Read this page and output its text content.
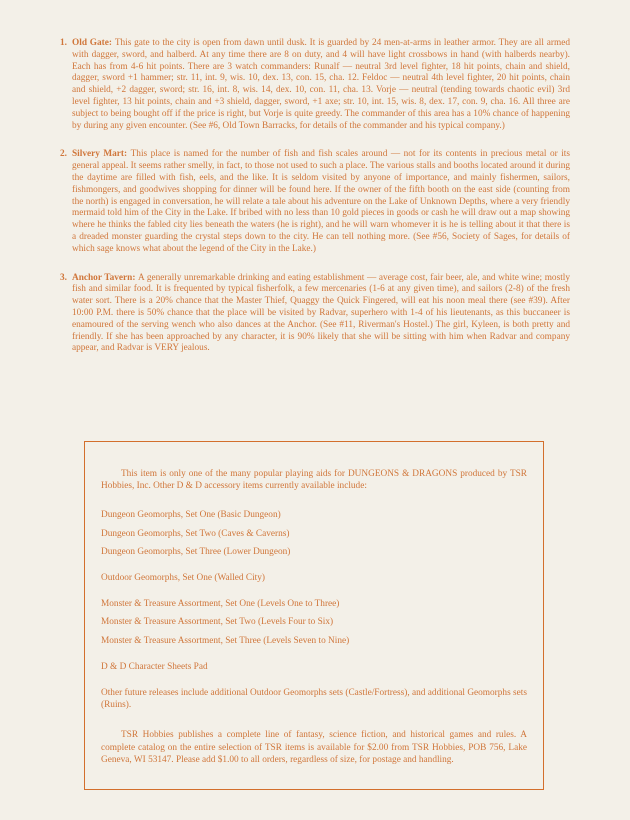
1. Old Gate : This gate to the city is open from dawn until dusk. It is guarded by 24 men-at-arms in leather armor. They are all armed with dagger, sword, and halberd. At any time there are 8 on duty, and 4 will have light crossbows in hand (with halberds nearby). Each has from 4-6 hit points. There are 3 watch commanders: Runalf — neutral 3rd level fighter, 18 hit points, chain and shield, dagger, sword +1 hammer; str. 11, int. 9, wis. 10, dex. 13, con. 15, cha. 12. Feldoc — neutral 4th level fighter, 20 hit points, chain and shield, +2 dagger, sword; str. 16, int. 8, wis. 14, dex. 10, con. 11, cha. 13. Vorje — neutral (tending towards chaotic evil) 3rd level fighter, 13 hit points, chain and +3 shield, dagger, sword, +1 axe; str. 10, int. 15, wis. 8, dex. 17, con. 9, cha. 16. All three are subject to being bought off if the price is right, but Vorje is quite greedy. The commander of this area has a 10% chance of happening by during any given encounter. (See #6, Old Town Barracks, for details of the commander and his typical company.)
2. Silvery Mart : This place is named for the number of fish and fish scales around — not for its contents in precious metal or its general appeal. It seems rather smelly, in fact, to those not used to such a place. The various stalls and booths located around it during the daytime are filled with fish, eels, and the like. It is seldom visited by anyone of importance, and mainly fishermen, sailors, fishmongers, and goodwives shopping for dinner will be found here. If the owner of the fifth booth on the east side (counting from the north) is engaged in conversation, he will relate a tale about his adventure on the Lake of Unknown Depths, where a very friendly mermaid told him of the City in the Lake. If bribed with no less than 10 gold pieces in goods or cash he will draw out a map showing where he thinks the fabled city lies beneath the waters (he is right), and he will warn whomever it is he is telling about it that there is a dreaded monster guarding the crystal steps down to the city. He can tell nothing more. (See #56, Society of Sages, for details of which sage knows what about the legend of the City in the Lake.)
3. Anchor Tavern : A generally unremarkable drinking and eating establishment — average cost, fair beer, ale, and white wine; mostly fish and similar food. It is frequented by typical fisherfolk, a few mercenaries (1-6 at any given time), and sailors (2-8) of the fresh water sort. There is a 20% chance that the Master Thief, Quaggy the Quick Fingered, will eat his noon meal there (see #39). After 10:00 P.M. there is 50% chance that the place will be visited by Radvar, superhero with 1-4 of his lieutenants, as this buccaneer is enamoured of the serving wench who also dances at the Anchor. (See #11, Riverman's Hostel.) The girl, Kyleen, is both pretty and friendly. If she has been approached by any character, it is 90% likely that she will be sitting with him when Radvar and company appear, and Radvar is VERY jealous.

This item is only one of the many popular playing aids for DUNGEONS & DRAGONS produced by TSR Hobbies, Inc. Other D & D accessory items currently available include:

Dungeon Geomorphs, Set One (Basic Dungeon)
Dungeon Geomorphs, Set Two (Caves & Caverns)
Dungeon Geomorphs, Set Three (Lower Dungeon)
Outdoor Geomorphs, Set One (Walled City)
Monster & Treasure Assortment, Set One (Levels One to Three)
Monster & Treasure Assortment, Set Two (Levels Four to Six)
Monster & Treasure Assortment, Set Three (Levels Seven to Nine)
D & D Character Sheets Pad

Other future releases include additional Outdoor Geomorphs sets (Castle/Fortress), and additional Geomorphs sets (Ruins).

TSR Hobbies publishes a complete line of fantasy, science fiction, and historical games and rules. A complete catalog on the entire selection of TSR items is available for $2.00 from TSR Hobbies, POB 756, Lake Geneva, WI 53147. Please add $1.00 to all orders, regardless of size, for postage and handling.
